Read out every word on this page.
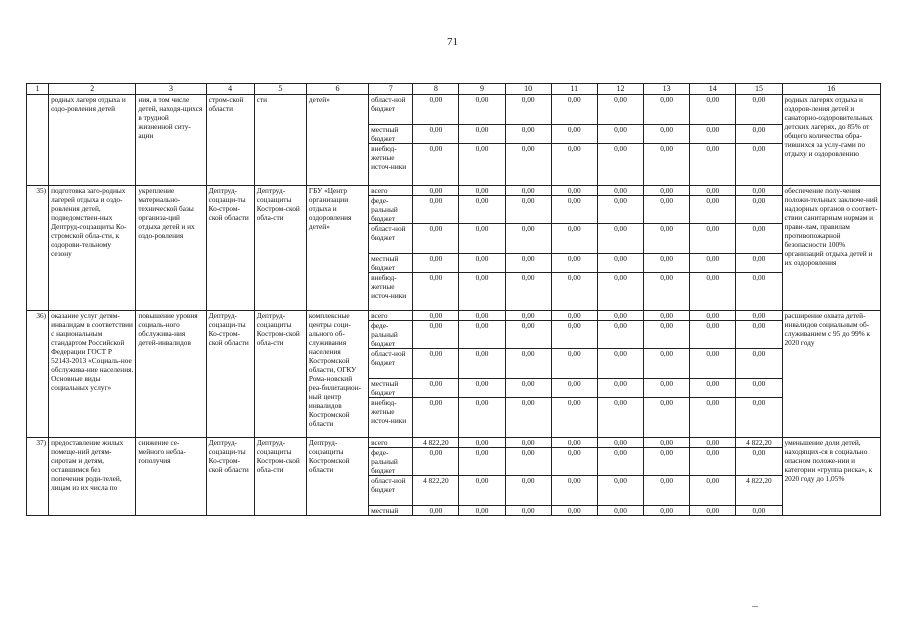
71
1	2	3	4	5	6	7	8	9	10	11	12	13	14	15	16
	родных лагеря отдыха и оздо-ровления детей	ния, в том числе детей, находя-щихся в трудной жизненной ситу-ации	стром-ской области	сти	детей»	област-ной бюджет	0,00	0,00	0,00	0,00	0,00	0,00	0,00	0,00	родных лагерях отдыха и оздоров-ления детей и санаторно-оздоровительных детских лагерях, до 85% от общего количества обра-тившихся за услу-гами по отдыху и оздоровлению
						местный бюджет	0,00	0,00	0,00	0,00	0,00	0,00	0,00	0,00	
						внебюд-жетные источ-ники	0,00	0,00	0,00	0,00	0,00	0,00	0,00	0,00	
35)	подготовка заго-родных лагерей отдыха и оздо-ровления детей, подведомствен-ных Дептруд-соцзащиты Ко-стромской обла-сти, к оздорови-тельному сезону	укрепление материально-технической базы организа-ций отдыха детей и их оздо-ровления	Дептруд-соцзащи-ты Ко-стром-ской области	Дептруд-соцзащиты Костром-ской обла-сти	ГБУ «Центр организации отдыха и оздоровления детей»	всего	0,00	0,00	0,00	0,00	0,00	0,00	0,00	0,00	обеспечение полу-чения положи-тельных заключе-ний надзорных органов о соответ-ствии санитарным нормам и прави-лам, правилам противопожарной безопасности 100% организаций отдыха детей и их оздоровления
						феде-ральный бюджет	0,00	0,00	0,00	0,00	0,00	0,00	0,00	0,00	
						област-ной бюджет	0,00	0,00	0,00	0,00	0,00	0,00	0,00	0,00	
						местный бюджет	0,00	0,00	0,00	0,00	0,00	0,00	0,00	0,00	
						внебюд-жетные источ-ники	0,00	0,00	0,00	0,00	0,00	0,00	0,00	0,00	
36)	оказание услуг детям-инвалидам в соответствии с национальным стандартом Российской Федерации ГОСТ Р 52143-2013 «Социаль-ное обслужива-ние населения. Основные виды социальных услуг»	повышение уровня социаль-ного обслужива-ния детей-инвалидов	Дептруд-соцзащи-ты Ко-стром-ской области	Дептруд-соцзащиты Костром-ской обла-сти	комплексные центры соци-ального об-служивания населения Костромской области, ОГКУ Рома-новский реа-билитацион-ный центр инвалидов Костромской области	всего	0,00	0,00	0,00	0,00	0,00	0,00	0,00	0,00	расширение охвата детей-инвалидов социальным об-служиванием с 95 до 99% к 2020 году
						феде-ральный бюджет	0,00	0,00	0,00	0,00	0,00	0,00	0,00	0,00	
						област-ной бюджет	0,00	0,00	0,00	0,00	0,00	0,00	0,00	0,00	
						местный бюджет	0,00	0,00	0,00	0,00	0,00	0,00	0,00	0,00	
						внебюд-жетные источ-ники	0,00	0,00	0,00	0,00	0,00	0,00	0,00	0,00	
37)	предоставление жилых помеще-ний детям-сиротам и детям, оставшимся без попечения роди-телей, лицам из их числа по	снижение се-мейного небла-гополучия	Дептруд-соцзащи-ты Ко-стром-ской области	Дептруд-соцзащиты Костром-ской обла-сти	Дептруд-соцзащиты Костромской области	всего	4 822,20	0,00	0,00	0,00	0,00	0,00	0,00	4 822,20	уменьшение доли детей, находящих-ся в социально опасном положе-нии и категории «группа риска», к 2020 году до 1,05%
						феде-ральный бюджет	0,00	0,00	0,00	0,00	0,00	0,00	0,00	0,00	
						област-ной бюджет	4 822,20	0,00	0,00	0,00	0,00	0,00	0,00	4 822,20	
						местный	0,00	0,00	0,00	0,00	0,00	0,00	0,00	0,00	
